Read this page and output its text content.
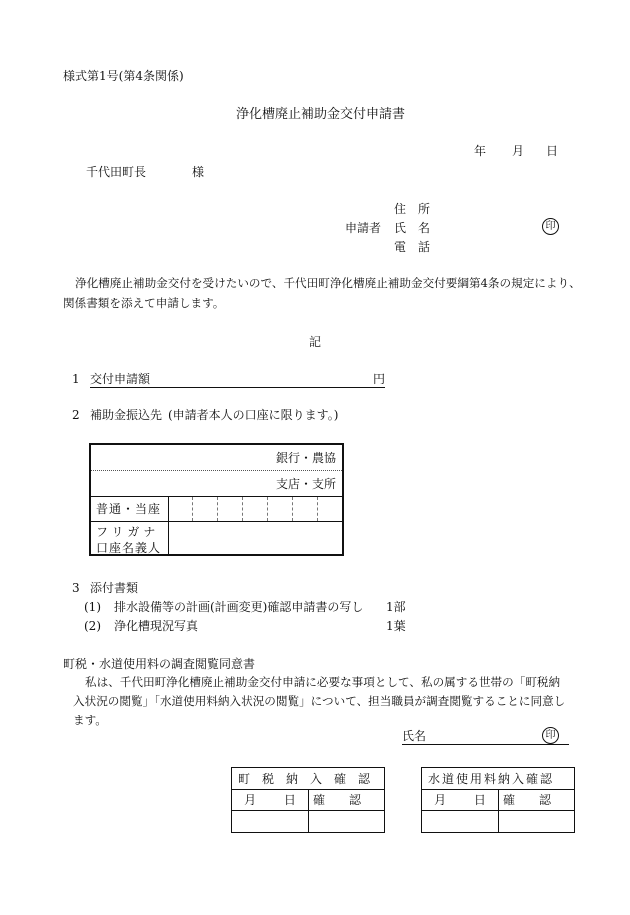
様式第1号(第4条関係)
浄化槽廃止補助金交付申請書
年 月 日
千代田町長	様
住　所
申請者 氏　名	印
電　話
浄化槽廃止補助金交付を受けたいので、千代田町浄化槽廃止補助金交付要綱第4条の規定により、
関係書類を添えて申請します。
記
1 交付申請額	円
2 補助金振込先 (申請者本人の口座に限ります。)
銀行・農協
支店・支所
普通・当座
フリガナ
口座名義人
3 添付書類
(1) 排水設備等の計画(計画変更)確認申請書の写し 1部
(2) 浄化槽現況写真	1葉
町税・水道使用料の調査閲覧同意書
私は、千代田町浄化槽廃止補助金交付申請に必要な事項として、私の属する世帯の「町税納
入状況の閲覧」「水道使用料納入状況の閲覧」について、担当職員が調査閲覧することに同意し
ます。
氏名	印
町　税　納　入　確　認	
月　　 日	確　　認

水道使用料納入確認	
月　　 日	確　　認
